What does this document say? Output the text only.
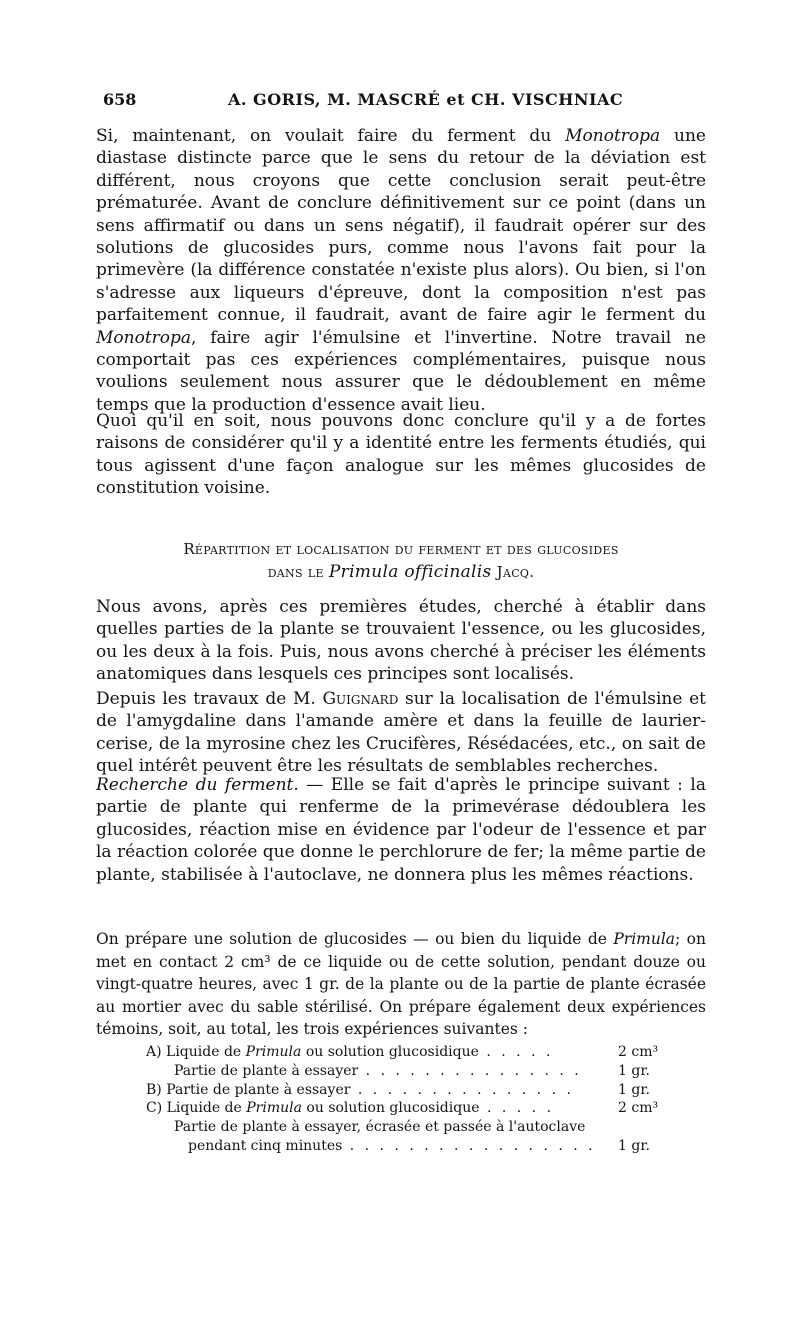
658	A. GORIS, M. MASCRÉ et CH. VISCHNIAC

Si, maintenant, on voulait faire du ferment du Monotropa une diastase distincte parce que le sens du retour de la déviation est différent, nous croyons que cette conclusion serait peut-être prématurée. Avant de conclure définitivement sur ce point (dans un sens affirmatif ou dans un sens négatif), il faudrait opérer sur des solutions de glucosides purs, comme nous l'avons fait pour la primevère (la différence constatée n'existe plus alors). Ou bien, si l'on s'adresse aux liqueurs d'épreuve, dont la composition n'est pas parfaitement connue, il faudrait, avant de faire agir le ferment du Monotropa, faire agir l'émulsine et l'invertine. Notre travail ne comportait pas ces expériences complémentaires, puisque nous voulions seulement nous assurer que le dédoublement en même temps que la production d'essence avait lieu.

Quoi qu'il en soit, nous pouvons donc conclure qu'il y a de fortes raisons de considérer qu'il y a identité entre les ferments étudiés, qui tous agissent d'une façon analogue sur les mêmes glucosides de constitution voisine.

Répartition et localisation du ferment et des glucosides
dans le Primula officinalis Jacq.

Nous avons, après ces premières études, cherché à établir dans quelles parties de la plante se trouvaient l'essence, ou les glucosides, ou les deux à la fois. Puis, nous avons cherché à préciser les éléments anatomiques dans lesquels ces principes sont localisés.

Depuis les travaux de M. Guignard sur la localisation de l'émulsine et de l'amygdaline dans l'amande amère et dans la feuille de laurier-cerise, de la myrosine chez les Crucifères, Résédacées, etc., on sait de quel intérêt peuvent être les résultats de semblables recherches.

Recherche du ferment. — Elle se fait d'après le principe suivant : la partie de plante qui renferme de la primevérase dédoublera les glucosides, réaction mise en évidence par l'odeur de l'essence et par la réaction colorée que donne le perchlorure de fer; la même partie de plante, stabilisée à l'autoclave, ne donnera plus les mêmes réactions.

On prépare une solution de glucosides — ou bien du liquide de Primula; on met en contact 2 cm³ de ce liquide ou de cette solution, pendant douze ou vingt-quatre heures, avec 1 gr. de la plante ou de la partie de plante écrasée au mortier avec du sable stérilisé. On prépare également deux expériences témoins, soit, au total, les trois expériences suivantes :

A) Liquide de Primula ou solution glucosidique . . . . .	2 cm³
Partie de plante à essayer . . . . . . . . . . . . . . .	1 gr.
B) Partie de plante à essayer . . . . . . . . . . . . . . .	1 gr.
C) Liquide de Primula ou solution glucosidique . . . . .	2 cm³
Partie de plante à essayer, écrasée et passée à l'autoclave
pendant cinq minutes . . . . . . . . . . . . . . . . .	1 gr.
